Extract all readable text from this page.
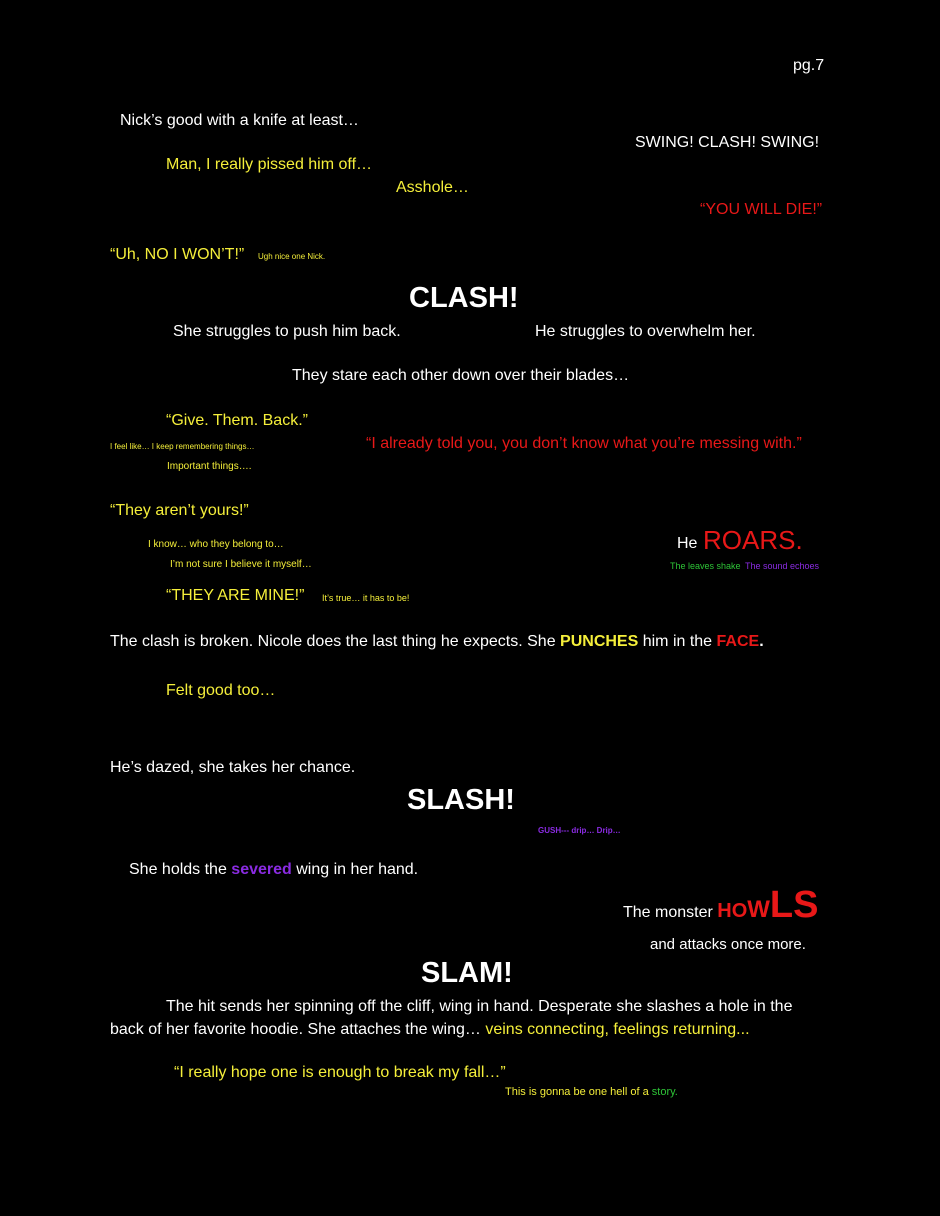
pg.7
Nick’s good with a knife at least…
SWING! CLASH! SWING!
Man, I really pissed him off…
Asshole…
“YOU WILL DIE!”
“Uh, NO I WON’T!” Ugh nice one Nick.
CLASH!
She struggles to push him back.	He struggles to overwhelm her.
They stare each other down over their blades…
“Give. Them. Back.”
I feel like… I keep remembering things…	“I already told you, you don’t know what you’re messing with.”
Important things….
“They aren’t yours!”
I know… who they belong to…	He ROARS.
I’m not sure I believe it myself…	The leaves shake The sound echoes
“THEY ARE MINE!” It’s true… it has to be!
The clash is broken. Nicole does the last thing he expects. She PUNCHES him in the FACE.
Felt good too…
He’s dazed, she takes her chance.
SLASH!
GUSH--- drip… Drip…
She holds the severed wing in her hand.
The monster HOWLS
and attacks once more.
SLAM!
The hit sends her spinning off the cliff, wing in hand. Desperate she slashes a hole in the back of her favorite hoodie. She attaches the wing… veins connecting, feelings returning...
“I really hope one is enough to break my fall…”
This is gonna be one hell of a story.
